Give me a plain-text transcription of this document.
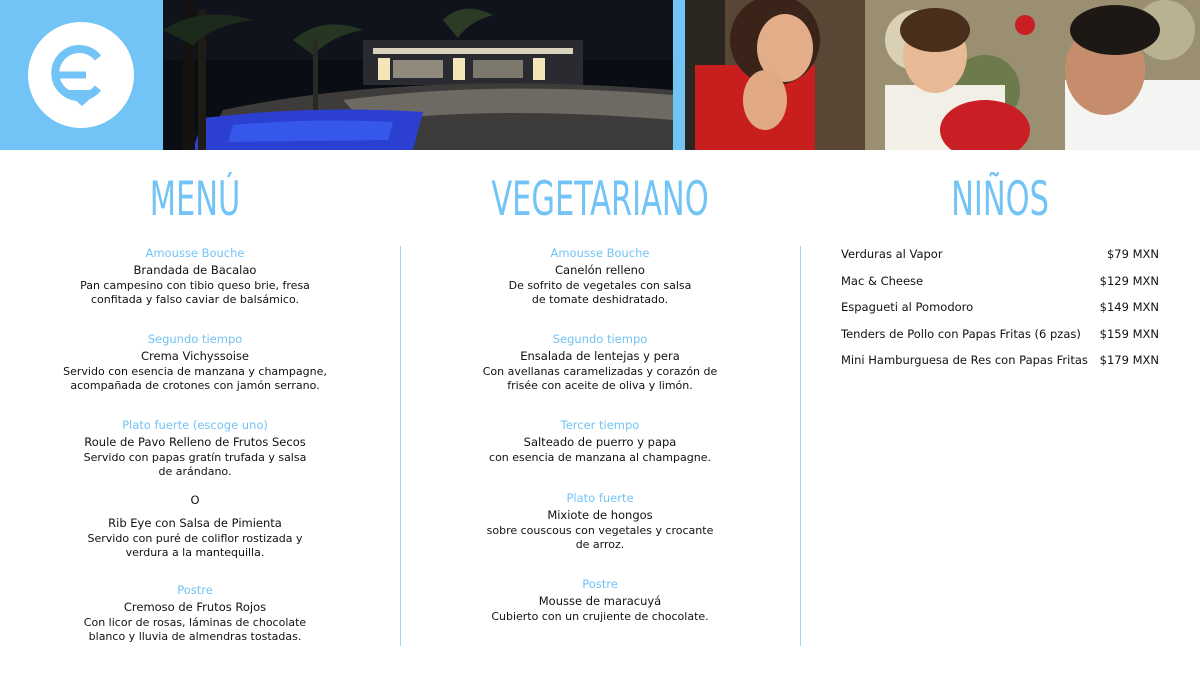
MENÚ
Amousse Bouche
Brandada de Bacalao
Pan campesino con tibio queso brie, fresa
confitada y falso caviar de balsámico.
Segundo tiempo
Crema Vichyssoise
Servido con esencia de manzana y champagne,
acompañada de crotones con jamón serrano.
Plato fuerte (escoge uno)
Roule de Pavo Relleno de Frutos Secos
Servido con papas gratín trufada y salsa
de arándano.
O
Rib Eye con Salsa de Pimienta
Servido con puré de coliflor rostizada y
verdura a la mantequilla.
Postre
Cremoso de Frutos Rojos
Con licor de rosas, láminas de chocolate
blanco y lluvia de almendras tostadas.
VEGETARIANO
Amousse Bouche
Canelón relleno
De sofrito de vegetales con salsa
de tomate deshidratado.
Segundo tiempo
Ensalada de lentejas y pera
Con avellanas caramelizadas y corazón de
frisée con aceite de oliva y limón.
Tercer tiempo
Salteado de puerro y papa
con esencia de manzana al champagne.
Plato fuerte
Mixiote de hongos
sobre couscous con vegetales y crocante
de arroz.
Postre
Mousse de maracuyá
Cubierto con un crujiente de chocolate.
NIÑOS
Verduras al Vapor	$79 MXN
Mac & Cheese	$129 MXN
Espagueti al Pomodoro	$149 MXN
Tenders de Pollo con Papas Fritas (6 pzas) $159 MXN
Mini Hamburguesa de Res con Papas Fritas $179 MXN
